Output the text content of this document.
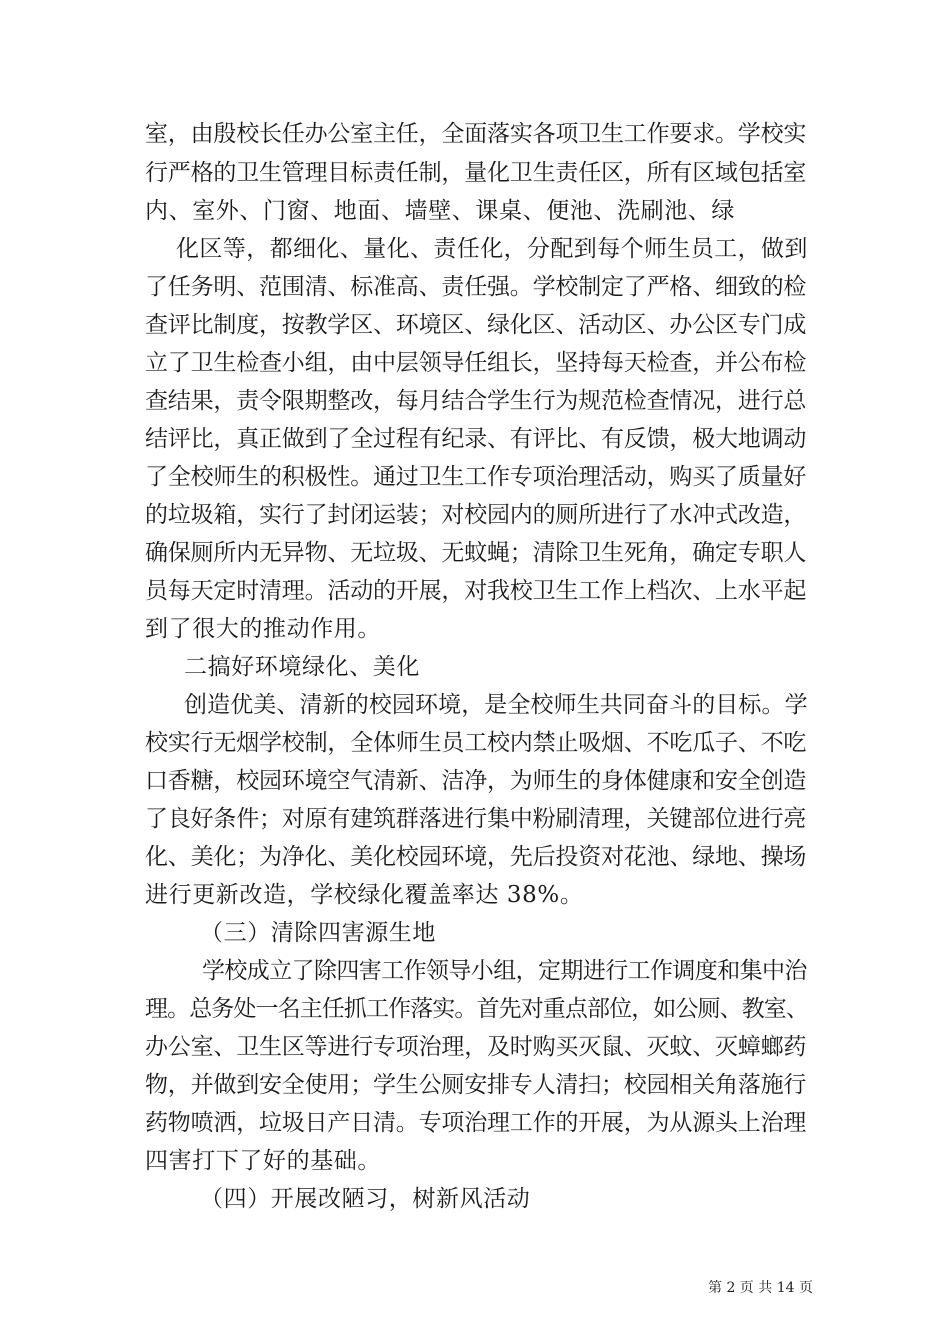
室，由殷校长任办公室主任，全面落实各项卫生工作要求。学校实
行严格的卫生管理目标责任制，量化卫生责任区，所有区域包括室
内、室外、门窗、地面、墙壁、课桌、便池、洗刷池、绿
化区等，都细化、量化、责任化，分配到每个师生员工，做到
了任务明、范围清、标准高、责任强。学校制定了严格、细致的检
查评比制度，按教学区、环境区、绿化区、活动区、办公区专门成
立了卫生检查小组，由中层领导任组长，坚持每天检查，并公布检
查结果，责令限期整改，每月结合学生行为规范检查情况，进行总
结评比，真正做到了全过程有纪录、有评比、有反馈，极大地调动
了全校师生的积极性。通过卫生工作专项治理活动，购买了质量好
的垃圾箱，实行了封闭运装；对校园内的厕所进行了水冲式改造，
确保厕所内无异物、无垃圾、无蚊蝇；清除卫生死角，确定专职人
员每天定时清理。活动的开展，对我校卫生工作上档次、上水平起
到了很大的推动作用。
二搞好环境绿化、美化
创造优美、清新的校园环境，是全校师生共同奋斗的目标。学
校实行无烟学校制，全体师生员工校内禁止吸烟、不吃瓜子、不吃
口香糖，校园环境空气清新、洁净，为师生的身体健康和安全创造
了良好条件；对原有建筑群落进行集中粉刷清理，关键部位进行亮
化、美化；为净化、美化校园环境，先后投资对花池、绿地、操场
进行更新改造，学校绿化覆盖率达 38%。
（三）清除四害源生地
学校成立了除四害工作领导小组，定期进行工作调度和集中治
理。总务处一名主任抓工作落实。首先对重点部位，如公厕、教室、
办公室、卫生区等进行专项治理，及时购买灭鼠、灭蚊、灭蟑螂药
物，并做到安全使用；学生公厕安排专人清扫；校园相关角落施行
药物喷洒，垃圾日产日清。专项治理工作的开展，为从源头上治理
四害打下了好的基础。
（四）开展改陋习，树新风活动
第 2 页 共 14 页
